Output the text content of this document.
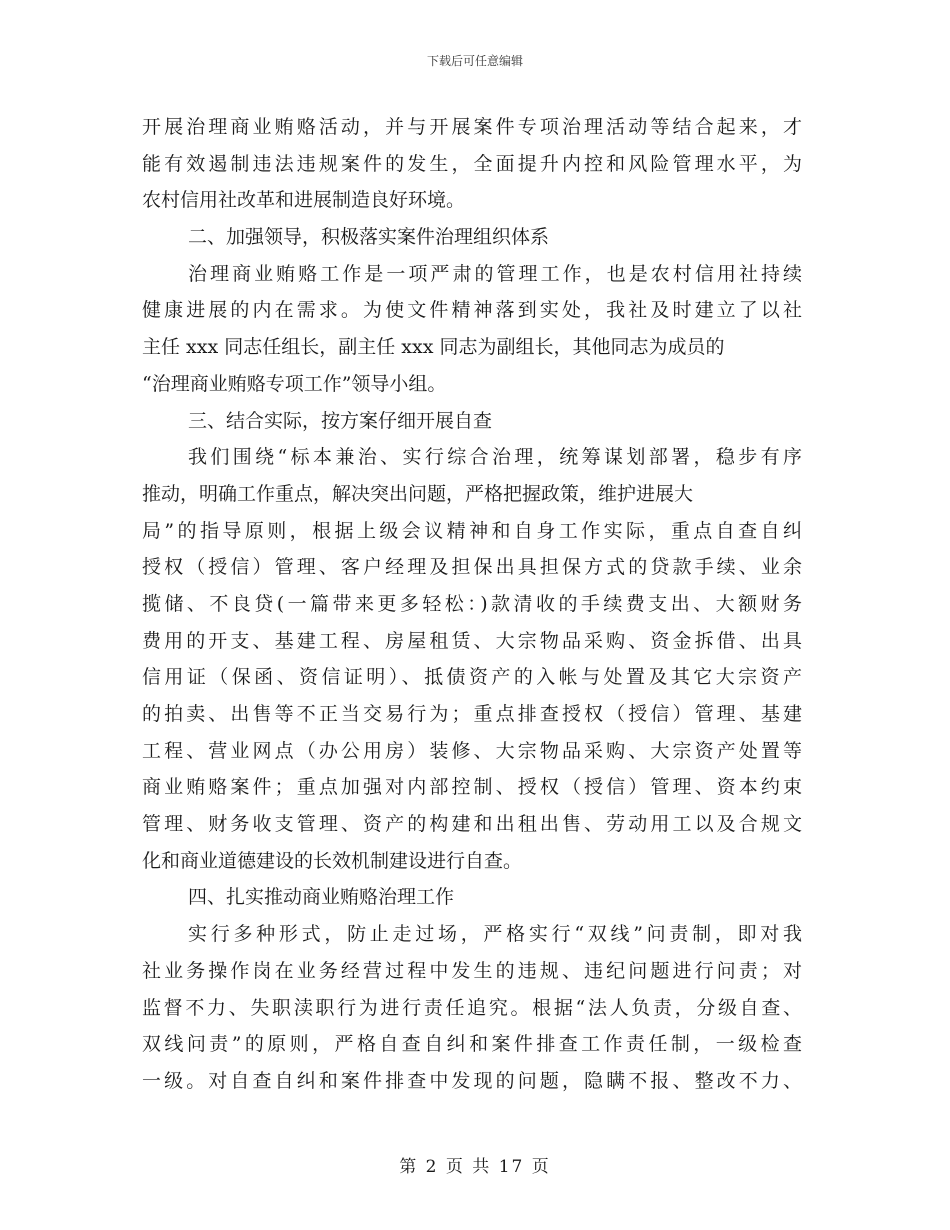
下载后可任意编辑
开展治理商业贿赂活动，并与开展案件专项治理活动等结合起来，才
能有效遏制违法违规案件的发生，全面提升内控和风险管理水平，为
农村信用社改革和进展制造良好环境。
二、加强领导，积极落实案件治理组织体系
治理商业贿赂工作是一项严肃的管理工作，也是农村信用社持续
健康进展的内在需求。为使文件精神落到实处，我社及时建立了以社
主任 xxx 同志任组长，副主任 xxx 同志为副组长，其他同志为成员的
“治理商业贿赂专项工作”领导小组。
三、结合实际，按方案仔细开展自查
我们围绕“标本兼治、实行综合治理，统筹谋划部署，稳步有序
推动，明确工作重点，解决突出问题，严格把握政策，维护进展大
局”的指导原则，根据上级会议精神和自身工作实际，重点自查自纠
授权（授信）管理、客户经理及担保出具担保方式的贷款手续、业余
揽储、不良贷(一篇带来更多轻松：)款清收的手续费支出、大额财务
费用的开支、基建工程、房屋租赁、大宗物品采购、资金拆借、出具
信用证（保函、资信证明）、抵债资产的入帐与处置及其它大宗资产
的拍卖、出售等不正当交易行为；重点排查授权（授信）管理、基建
工程、营业网点（办公用房）装修、大宗物品采购、大宗资产处置等
商业贿赂案件；重点加强对内部控制、授权（授信）管理、资本约束
管理、财务收支管理、资产的构建和出租出售、劳动用工以及合规文
化和商业道德建设的长效机制建设进行自查。
四、扎实推动商业贿赂治理工作
实行多种形式，防止走过场，严格实行“双线”问责制，即对我
社业务操作岗在业务经营过程中发生的违规、违纪问题进行问责；对
监督不力、失职渎职行为进行责任追究。根据“法人负责，分级自查、
双线问责”的原则，严格自查自纠和案件排查工作责任制，一级检查
一级。对自查自纠和案件排查中发现的问题，隐瞒不报、整改不力、
第 2 页 共 17 页
